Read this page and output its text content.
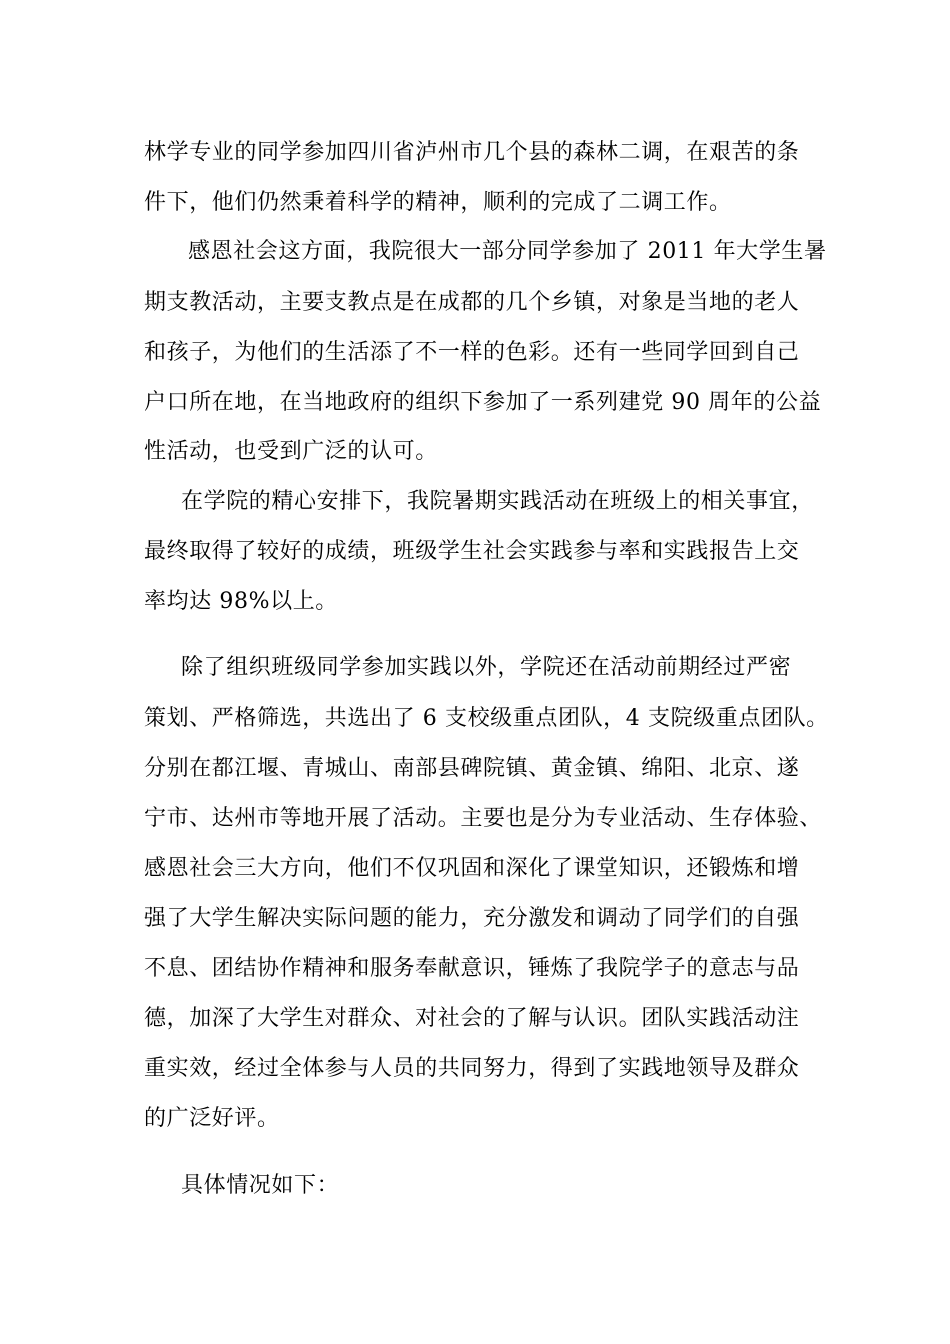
林学专业的同学参加四川省泸州市几个县的森林二调，在艰苦的条
件下，他们仍然秉着科学的精神，顺利的完成了二调工作。
感恩社会这方面，我院很大一部分同学参加了 2011 年大学生暑
期支教活动，主要支教点是在成都的几个乡镇，对象是当地的老人
和孩子，为他们的生活添了不一样的色彩。还有一些同学回到自己
户口所在地，在当地政府的组织下参加了一系列建党 90 周年的公益
性活动，也受到广泛的认可。
在学院的精心安排下，我院暑期实践活动在班级上的相关事宜，
最终取得了较好的成绩，班级学生社会实践参与率和实践报告上交
率均达 98%以上。
除了组织班级同学参加实践以外，学院还在活动前期经过严密
策划、严格筛选，共选出了 6 支校级重点团队，4 支院级重点团队。
分别在都江堰、青城山、南部县碑院镇、黄金镇、绵阳、北京、遂
宁市、达州市等地开展了活动。主要也是分为专业活动、生存体验、
感恩社会三大方向，他们不仅巩固和深化了课堂知识，还锻炼和增
强了大学生解决实际问题的能力，充分激发和调动了同学们的自强
不息、团结协作精神和服务奉献意识，锤炼了我院学子的意志与品
德，加深了大学生对群众、对社会的了解与认识。团队实践活动注
重实效，经过全体参与人员的共同努力，得到了实践地领导及群众
的广泛好评。
具体情况如下：
